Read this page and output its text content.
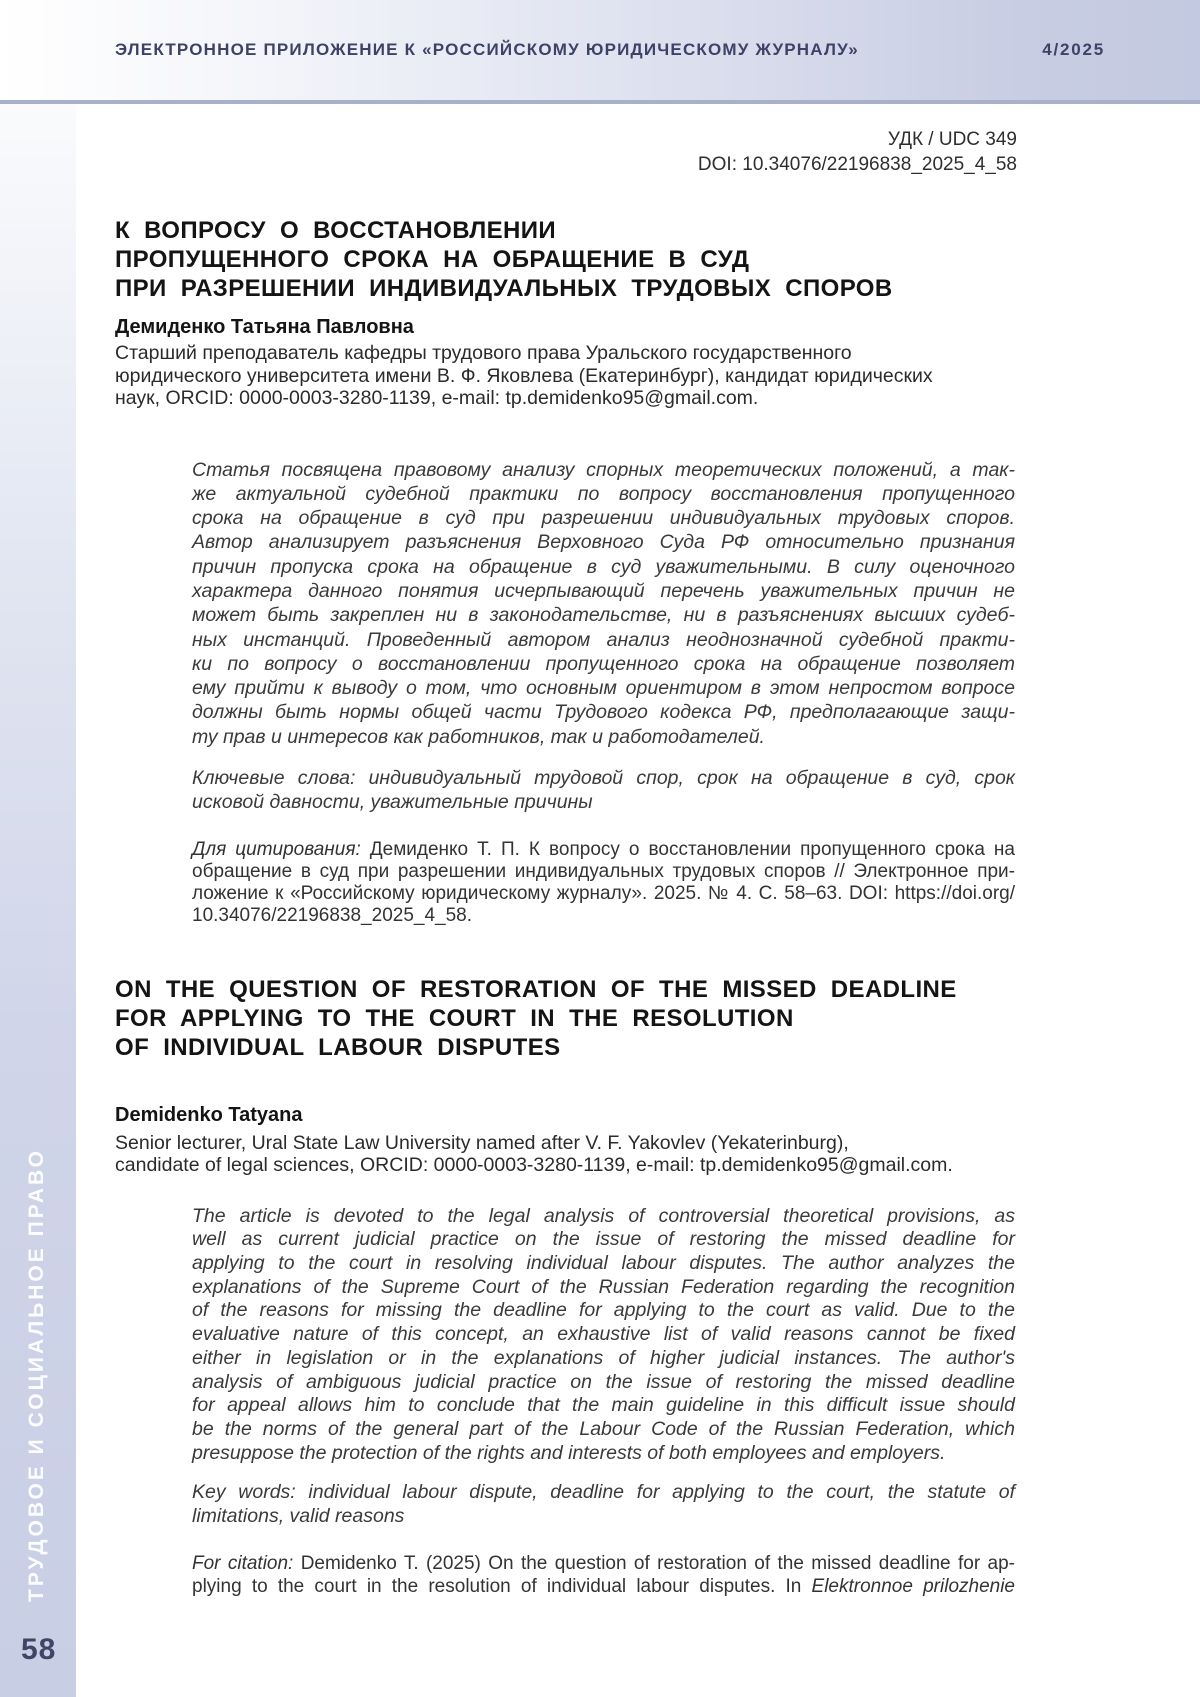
ЭЛЕКТРОННОЕ ПРИЛОЖЕНИЕ К «РОССИЙСКОМУ ЮРИДИЧЕСКОМУ ЖУРНАЛУ»	4/2025
ТРУДОВОЕ И СОЦИАЛЬНОЕ ПРАВО
58
УДК / UDC 349
DOI: 10.34076/22196838_2025_4_58
К ВОПРОСУ О ВОССТАНОВЛЕНИИ
ПРОПУЩЕННОГО СРОКА НА ОБРАЩЕНИЕ В СУД
ПРИ РАЗРЕШЕНИИ ИНДИВИДУАЛЬНЫХ ТРУДОВЫХ СПОРОВ
Демиденко Татьяна Павловна
Старший преподаватель кафедры трудового права Уральского государственного
юридического университета имени В. Ф. Яковлева (Екатеринбург), кандидат юридических
наук, ORCID: 0000-0003-3280-1139, e-mail: tp.demidenko95@gmail.com.
Статья посвящена правовому анализу спорных теоретических положений, а так-
же актуальной судебной практики по вопросу восстановления пропущенного
срока на обращение в суд при разрешении индивидуальных трудовых споров.
Автор анализирует разъяснения Верховного Суда РФ относительно признания
причин пропуска срока на обращение в суд уважительными. В силу оценочного
характера данного понятия исчерпывающий перечень уважительных причин не
может быть закреплен ни в законодательстве, ни в разъяснениях высших судеб-
ных инстанций. Проведенный автором анализ неоднозначной судебной практи-
ки по вопросу о восстановлении пропущенного срока на обращение позволяет
ему прийти к выводу о том, что основным ориентиром в этом непростом вопросе
должны быть нормы общей части Трудового кодекса РФ, предполагающие защи-
ту прав и интересов как работников, так и работодателей.
Ключевые слова: индивидуальный трудовой спор, срок на обращение в суд, срок
исковой давности, уважительные причины
Для цитирования: Демиденко Т. П. К вопросу о восстановлении пропущенного срока на
обращение в суд при разрешении индивидуальных трудовых споров // Электронное при-
ложение к «Российскому юридическому журналу». 2025. № 4. С. 58–63. DOI: https://doi.org/
10.34076/22196838_2025_4_58.
ON THE QUESTION OF RESTORATION OF THE MISSED DEADLINE
FOR APPLYING TO THE COURT IN THE RESOLUTION
OF INDIVIDUAL LABOUR DISPUTES
Demidenko Tatyana
Senior lecturer, Ural State Law University named after V. F. Yakovlev (Yekaterinburg),
candidate of legal sciences, ORCID: 0000-0003-3280-1139, e-mail: tp.demidenko95@gmail.com.
The article is devoted to the legal analysis of controversial theoretical provisions, as
well as current judicial practice on the issue of restoring the missed deadline for
applying to the court in resolving individual labour disputes. The author analyzes the
explanations of the Supreme Court of the Russian Federation regarding the recognition
of the reasons for missing the deadline for applying to the court as valid. Due to the
evaluative nature of this concept, an exhaustive list of valid reasons cannot be fixed
either in legislation or in the explanations of higher judicial instances. The author's
analysis of ambiguous judicial practice on the issue of restoring the missed deadline
for appeal allows him to conclude that the main guideline in this difficult issue should
be the norms of the general part of the Labour Code of the Russian Federation, which
presuppose the protection of the rights and interests of both employees and employers.
Key words: individual labour dispute, deadline for applying to the court, the statute of
limitations, valid reasons
For citation: Demidenko T. (2025) On the question of restoration of the missed deadline for ap-
plying to the court in the resolution of individual labour disputes. In Elektronnoe prilozhenie
